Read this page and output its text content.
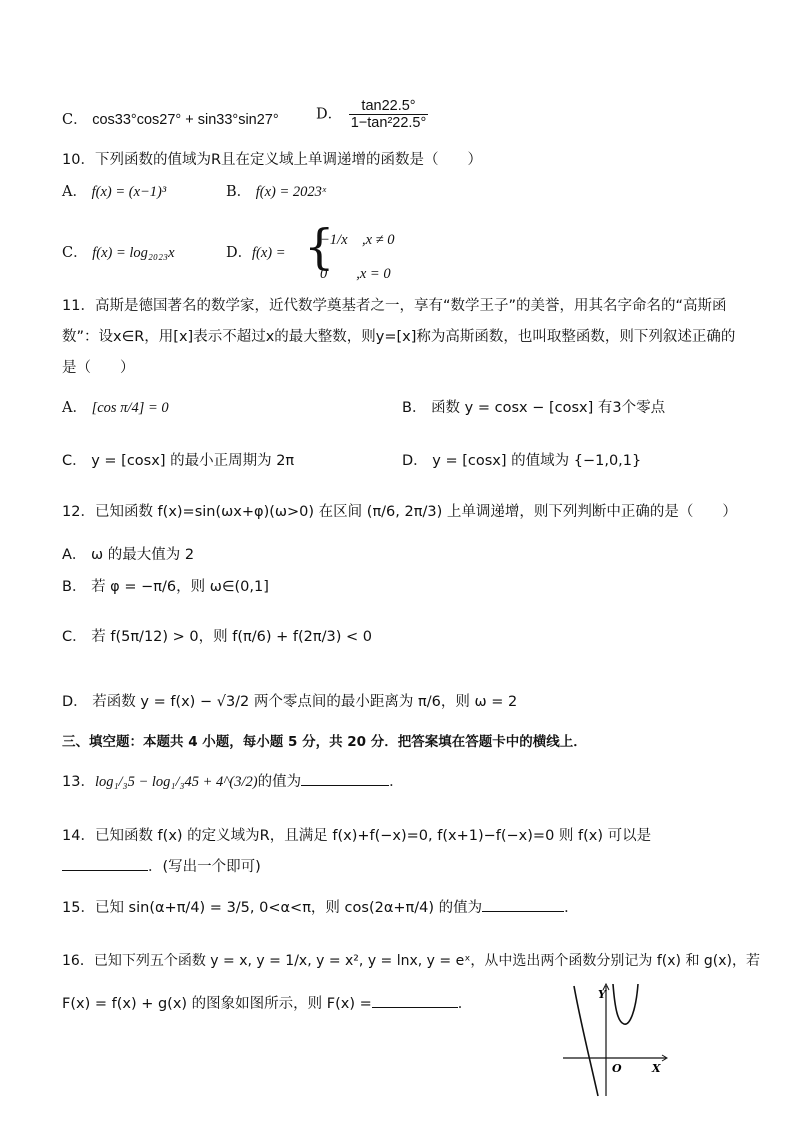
C． cos33°cos27° + sin33°sin27°	D． $\frac{\tan 22.5^\circ}{\text{1−tan²22.5°}}$
10．下列函数的值域为R且在定义域上单调递增的函数是（　　）
A． f(x) = (x−1)³	B． f(x) = 2023ˣ
C． f(x) = log₂₀₂₃x	D． f(x) = {
−1/x　,x ≠ 0
0　　,x = 0
11．高斯是德国著名的数学家，近代数学奠基者之一，享有“数学王子”的美誉，用其名字命名的“高斯函
数”：设x∈R，用[x]表示不超过x的最大整数，则y=[x]称为高斯函数，也叫取整函数，则下列叙述正确的
是（　　）
A． [cos π/4] = 0	B． 函数 y = cosx − [cosx] 有3个零点
C． y = [cosx] 的最小正周期为 2π	D． y = [cosx] 的值域为 {−1,0,1}
12．已知函数 f(x)=sin(ωx+φ)(ω>0) 在区间 (π/6, 2π/3) 上单调递增，则下列判断中正确的是（　　）
A． ω 的最大值为 2
B． 若 φ = −π/6，则 ω∈(0,1]
C． 若 f(5π/12) > 0，则 f(π/6) + f(2π/3) < 0
D． 若函数 y = f(x) − √3/2 两个零点间的最小距离为 π/6，则 ω = 2
三、填空题：本题共 4 小题，每小题 5 分，共 20 分．把答案填在答题卡中的横线上．
13．log₁/₃5 − log₁/₃45 + 4^(3/2)的值为	．
14．已知函数 f(x) 的定义域为R，且满足 f(x)+f(−x)=0, f(x+1)−f(−x)=0 则 f(x) 可以是
．(写出一个即可)
15．已知 sin(α+π/4) = 3/5, 0<α<π，则 cos(2α+π/4) 的值为	．
16．已知下列五个函数 y = x, y = 1/x, y = x², y = lnx, y = eˣ，从中选出两个函数分别记为 f(x) 和 g(x)，若
F(x) = f(x) + g(x) 的图象如图所示，则 F(x) =	．
Y
X
O
